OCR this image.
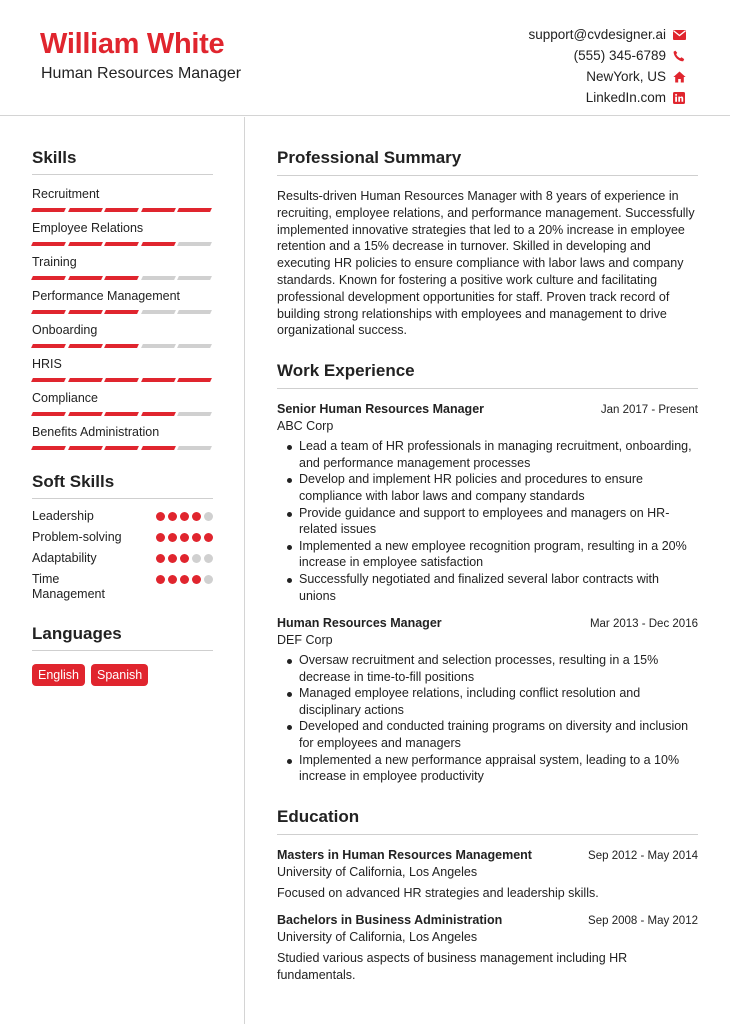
William White
Human Resources Manager
support@cvdesigner.ai
(555) 345-6789
NewYork, US
LinkedIn.com
Skills
Recruitment
Employee Relations
Training
Performance Management
Onboarding
HRIS
Compliance
Benefits Administration
Soft Skills
Leadership
Problem-solving
Adaptability
Time Management
Languages
English	Spanish
Professional Summary
Results-driven Human Resources Manager with 8 years of experience in recruiting, employee relations, and performance management. Successfully implemented innovative strategies that led to a 20% increase in employee retention and a 15% decrease in turnover. Skilled in developing and executing HR policies to ensure compliance with labor laws and company standards. Known for fostering a positive work culture and facilitating professional development opportunities for staff. Proven track record of building strong relationships with employees and management to drive organizational success.
Work Experience
Senior Human Resources Manager	Jan 2017 - Present
ABC Corp
Lead a team of HR professionals in managing recruitment, onboarding, and performance management processes
Develop and implement HR policies and procedures to ensure compliance with labor laws and company standards
Provide guidance and support to employees and managers on HR-related issues
Implemented a new employee recognition program, resulting in a 20% increase in employee satisfaction
Successfully negotiated and finalized several labor contracts with unions
Human Resources Manager	Mar 2013 - Dec 2016
DEF Corp
Oversaw recruitment and selection processes, resulting in a 15% decrease in time-to-fill positions
Managed employee relations, including conflict resolution and disciplinary actions
Developed and conducted training programs on diversity and inclusion for employees and managers
Implemented a new performance appraisal system, leading to a 10% increase in employee productivity
Education
Masters in Human Resources Management	Sep 2012 - May 2014
University of California, Los Angeles
Focused on advanced HR strategies and leadership skills.
Bachelors in Business Administration	Sep 2008 - May 2012
University of California, Los Angeles
Studied various aspects of business management including HR fundamentals.
